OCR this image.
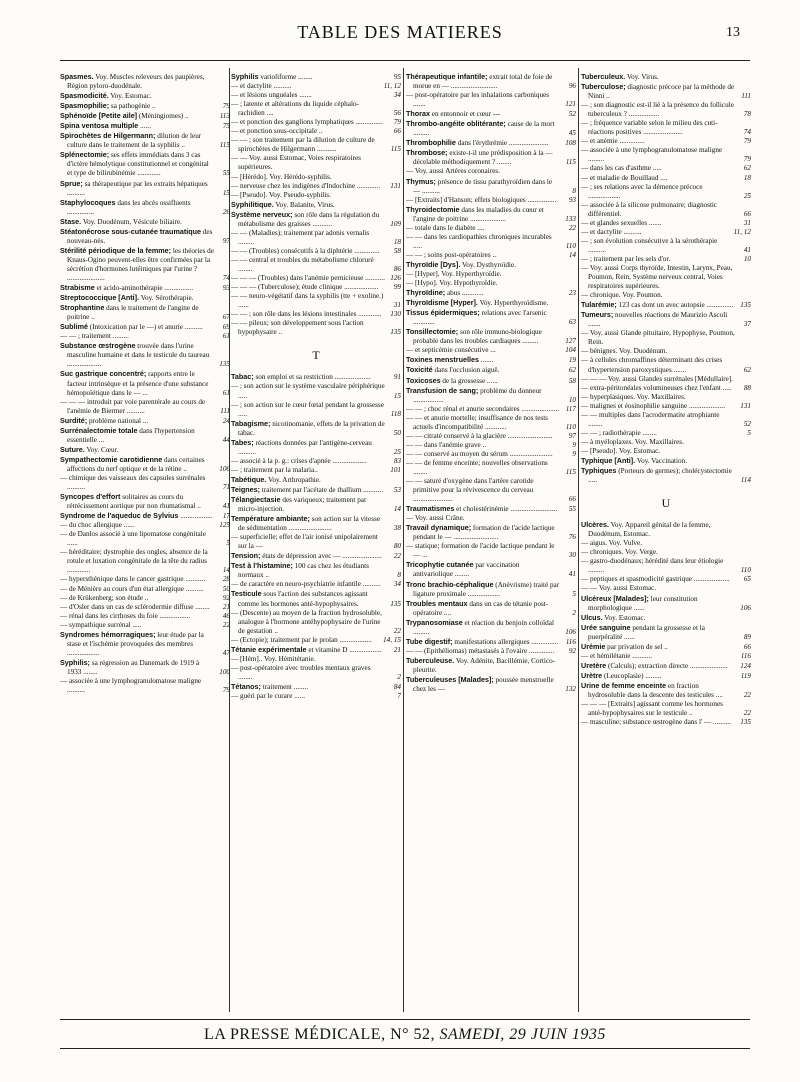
TABLE DES MATIERES	13
Spasmes. Voy. Muscles releveurs des paupières, Région pyloro-duodénale.
Spasmodicité. Voy. Estomac.
Spasmophilie; sa pathogénie ..	79
Sphénoïde [Petite aile] (Méningiomes) ..	113
Spina ventosa multiple ......	75
Spirochètes de Hilgermann; dilution de leur culture dans le traitement de la syphilis ..	115
Splénectomie; ses effets immédiats dans 3 cas d'ictère hémolytique constitutionnel et congénital et type de bilirubinémie .............	55
Sprue; sa thérapeutique par les extraits hépatiques ..........	15
Staphylocoques dans les abcès ossifluents ...............	26
Stase. Voy. Duodénum, Vésicule biliaire.
Stéatonécrose sous-cutanée traumatique des nouveau-nés.	97
Stérilité périodique de la femme; les théories de Knaus-Ogino peuvent-elles être confirmées par la sécrétion d'hormones lutéiniques par l'urine ? .....................	74
Strabisme et acido-aminothérapie ................	93
Streptococcique [Anti]. Voy. Sérothérapie.
Strophantine dans le traitement de l'angine de poitrine ..	67
Sublimé (Intoxication par le —) et anurie ..........	69
— — ; traitement .........	61
Substance œstrogène trouvée dans l'urine masculine humaine et dans le testicule du taureau ...................	135
Suc gastrique concentré; rapports entre le facteur intrinsèque et la présence d'une substance hémopoïétique dans le — ...	61
— — — introduit par voie parentérale au cours de l'anémie de Biermer ..........	111
Surdité; problème national ...	24
Surrénalectomie totale dans l'hypertension essentielle ...	44
Suture. Voy. Cœur.
Sympathectomie carotidienne dans certaines affections du nerf optique et de la rétine ..	106
— chimique des vaisseaux des capsules surrénales ..........	71
Syncopes d'effort solitaires au cours du rétrécissement aortique pur non rhumatismal ..	41
Syndrome de l'aqueduc de Sylvius .................. 17
— du choc allergique ......	125
— de Danlos associé à une lipomatose congénitale ......	5
— héréditaire; dystrophie des ongles, absence de la rotule et luxation congénitale de la tête du radius .............	14
— hypersthénique dans le cancer gastrique ........... 28
— de Ménière au cours d'un état allergique ..........	50
— de Krükenberg; son étude ..	92
— d'Osler dans un cas de sclérodermie diffuse ........ 21
— rénal dans les cirrhoses du foie .................	46
— sympathique surrénal .....	22
Syndromes hémorragiques; leur étude par la stase et l'ischémie provoquées des membres ..................	47
Syphilis; sa régression au Danemark de 1919 à 1933 ........	100
— associée à une lymphogranulomatose maligne ..........	79
Syphilis varioliforme ........	95
— et dactylite ..........	11, 12
— et lésions unguéales .......	34
— ; latente et altérations du liquide céphalo-rachidien ....	56
— et ponction des ganglions lymphatiques ............... 79
— et ponction sous-occipitale ..	66
— — ; son traitement par la dilution de culture de spirochètes de Hilgermann ...........	115
— — Voy. aussi Estomac, Voies respiratoires supérieures.
— [Hérédo]. Voy. Hérédo-syphilis.
— nerveuse chez les indigènes d'Indochine ............. 131
— [Pseudo]. Voy. Pseudo-syphilis.
Syphilitique. Voy. Balanite, Virus.
Système nerveux; son rôle dans la régulation du métabolisme des graisses ...........	109
— — (Maladies); traitement par adonis vernalis .........	18
— — (Troubles) consécutifs à la diphtérie .............. 58
— — central et troubles du métabolisme chloruré ........	86
— — — (Troubles) dans l'anémie pernicieuse ........... 126
— — — (Tuberculose); étude clinique ................... 99
— — neuro-végétatif dans la syphilis (tte + exoline.) ......	31
— — ; son rôle dans les lésions intestinales ............. 130
— — pileux; son développement sous l'action hypophysaire ..	135
T
Tabac; son emploi et sa restriction ....................	91
— ; son action sur le système vasculaire périphérique .....	15
— ; son action sur le cœur fœtal pendant la grossesse .....	118
Tabagisme; nicotinomanie, effets de la privation de tabac.	50
Tabes; réactions données par l'antigène-cerveau ..........	25
— associé à la p. g.: crises d'apnée ...................	83
— ; traitement par la malaria..	101
Tabétique. Voy. Arthropathie.
Teignes; traitement par l'acétate de thallium ........... 53
Télangiectasie des variqueux; traitement par micro-injection.	14
Température ambiante; son action sur la vitesse de sédimentation ........................	38
— superficielle; effet de l'air ionisé unipolairement sur la —	80
Tension; états de dépression avec — ...................... 22
Test à l'histamine; 100 cas chez les étudiants normaux ..	8
— de caractère en neuro-psychiatrie infantile .......... 34
Testicule sous l'action des substances agissant comme les hormones anté-hypophysaires.	135
— (Descente) au moyen de la fraction hydrosoluble, analogue à l'hormone antéhypophysaire de l'urine de gestation ..	22
— (Ectopie); traitement par le prolan .................. 14, 15
Tétanie expérimentale et vitamine D .................. 21
— [Hém].. Voy. Hémitétanie.
— post-opératoire avec troubles mentaux graves ........	2
Tétanos; traitement ........	84
— guéri par le curare ......	7
Thérapeutique infantile; extrait total de foie de morue en — ..........................	96
— post-opératoire par les inhalations carboniques .......	121
Thorax en entonnoir et cœur ---	52
Thrombo-angéite oblitérante; cause de la mort .........	45
Thrombophilie dans l'érythrémie ...................... 108
Thrombose; existe-t-il une prédisposition à la — décelable méthodiquement ? ........	115
— Voy. aussi Artères coronaires.
Thymus; présence de tissu parathyroïdien dans le — ..........	8
— [Extraits] d'Hanson; effets biologiques ................ 93
Thyroidectomie dans les maladies du cœur et l'angine de poitrine ....................	133
— totale dans le diabète ....	22
— — dans les cardiopathies chroniques incurables .....	110
— — ; soins post-opératoires ..	14
Thyroïdie [Dys]. Voy. Dysthyroïdie.
— [Hyper]. Voy. Hyperthyroïdie.
— [Hypo]. Voy. Hypothyroïdie.
Thyroïdine; abus ............	23
Thyroïdisme [Hyper]. Voy. Hyperthyroïdisme.
Tissus épidermiques; relations avec l'arsenic ............	63
Tonsillectomie; son rôle immuno-biologique probable dans les troubles cardiaques .........	127
— et septicémie consécutive ...	104
Toxines menstruelles .......	19
Toxicité dans l'occlusion aiguë.	62
Toxicoses de la grossesse ......	58
Transfusion de sang; problème du donneur .................	10
— — ; choc rénal et anurie secondaires ..................... 117
— — et anurie mortelle; insuffisance de nos tests actuels d'incompatibilité ............	110
— — citraté conservé à la glacière ......................... 97
— — dans l'anémie grave ..	9
— — conservé au moyen du sérum ........................	9
— — de femme enceinte; nouvelles observations ........	115
— — saturé d'oxygène dans l'artère carotide primitive pour la révivescence du cerveau ......................	66
Traumatismes et cholestérinémie .......................... 55
— Voy. aussi Crâne.
Travail dynamique; formation de l'acide lactique pendant le — .........................	76
— statique; formation de l'acide lactique pendant le — ...	30
Tricophytie cutanée par vaccination antivariolique ........	41
Tronc brachio-céphalique (Anévrisme) traité par ligature proximale ..................	5
Troubles mentaux dans un cas de tétanie post-opératoire ....	2
Trypanosomiase et réaction du benjoin colloïdal .........	106
Tube digestif; manifestations allergiques ............... 116
— — (Epithéliomas) métastasés à l'ovaire .............. 92
Tuberculeuse. Voy. Adénite, Bacillémie, Cortico-pleurite.
Tuberculeuses [Malades]; poussée menstruelle chez les —	132
Tuberculeux. Voy. Virus.
Tuberculose; diagnostic précoce par la méthode de Ninni ..	111
— ; son diagnostic est-il lié à la présence du follicule tuberculeux ? .................	78
— ; fréquence variable selon le milieu des cuti-réactions positives ......................	74
— et anémie ..............	79
— associée à une lymphogranulomatose maligne .........	79
— dans les cas d'asthme .....	62
— et maladie de Bouillaud ....	18
— ; ses relations avec la démence précoce ..................	25
— associée à la silicose pulmonaire; diagnostic différentiel.	66
— et glandes sexuelles .......	31
— et dactylite ..........	11, 12
— ; son évolution consécutive à la sérothérapie ..........	41
— ; traitement par les sels d'or.	10
— Voy. aussi Corps thyroïde, Intestin, Larynx, Peau, Poumon, Rein, Système nerveux central, Voies respiratoires supérieures.
— chronique. Voy. Poumon.
Tularémie; 123 cas dont un avec autopsie ............... 135
Tumeurs; nouvelles réactions de Maurizio Ascoli .......	37
— Voy. aussi Glande pituitaire, Hypophyse, Poumon, Rein.
— bénignes. Voy. Duodénum.
— à cellules chromaffines déterminant des crises d'hypertension paroxystiques .......	62
— — — Voy. aussi Glandes surrénales [Médullaire].
— extra-péritonéales volumineuses chez l'enfant ..... 88
— hyperplasiques. Voy. Maxillaires.
— malignes et éosinophilie sanguine .................... 131
— — multiples dans l'acrodermatite atrophiante ........	52
— — ; radiothérapie ........	5
— à myéloplaxes. Voy. Maxillaires.
— [Pseudo]. Voy. Estomac.
Typhique [Anti]. Voy. Vaccination.
Typhiques (Porteurs de germes); cholécystectomie .....	114
U
Ulcères. Voy. Appareil génital de la femme, Duodénum, Estomac.
— aigus. Voy. Vulve.
— chroniques. Voy. Verge.
— gastro-duodénaux; hérédité dans leur étiologie .........	110
— peptiques et spasmodicité gastrique .................... 65
— — Voy. aussi Estomac.
Ulcéreux [Malades]; leur constitution morphologique ......	106
Ulcus. Voy. Estomac.
Urée sanguine pendant la grossesse et la puerpéralité ......	89
Urémie par privation de sel ..	66
— et hémilétanie ...........	116
Uretère (Calculs); extraction directe ..................... 124
Urètre (Leucoplasie) .........	119
Urine de femme enceinte en fraction hydrosoluble dans la descente des testicules ....	22
— — — [Extraits] agissant comme les hormones anté-hypophysaires sur le testicule ..	22
— masculine; substance œstrogène dans l' — .......... 135
LA PRESSE MÉDICALE, N° 52, SAMEDI, 29 JUIN 1935
